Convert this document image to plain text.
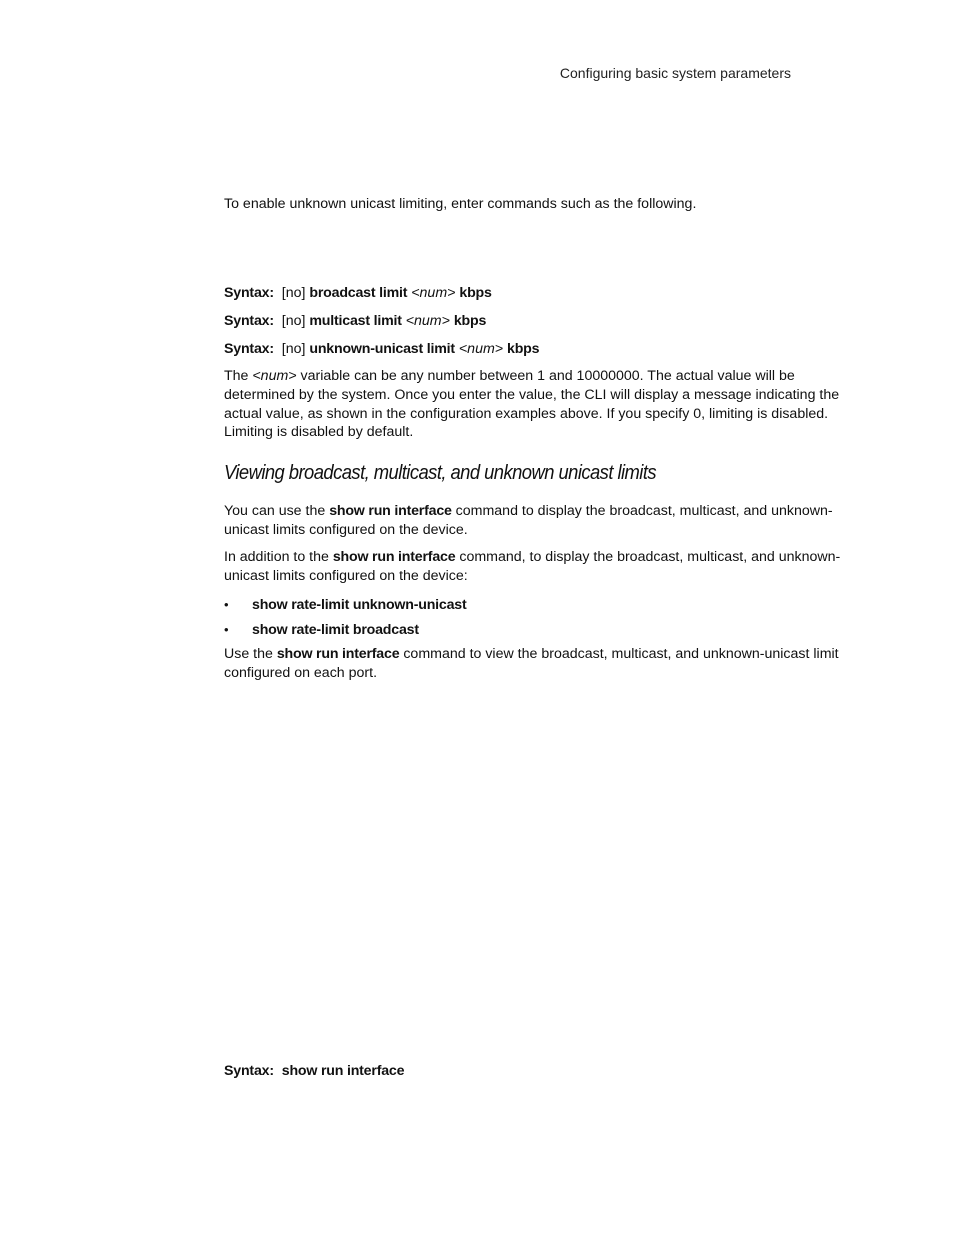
Configuring basic system parameters

To enable unknown unicast limiting, enter commands such as the following.

Syntax: [no] broadcast limit <num> kbps
Syntax: [no] multicast limit <num> kbps
Syntax: [no] unknown-unicast limit <num> kbps

The <num> variable can be any number between 1 and 10000000. The actual value will be determined by the system. Once you enter the value, the CLI will display a message indicating the actual value, as shown in the configuration examples above. If you specify 0, limiting is disabled. Limiting is disabled by default.

Viewing broadcast, multicast, and unknown unicast limits

You can use the show run interface command to display the broadcast, multicast, and unknown-unicast limits configured on the device.

In addition to the show run interface command, to display the broadcast, multicast, and unknown-unicast limits configured on the device:

• show rate-limit unknown-unicast
• show rate-limit broadcast

Use the show run interface command to view the broadcast, multicast, and unknown-unicast limit configured on each port.

Syntax: show run interface
